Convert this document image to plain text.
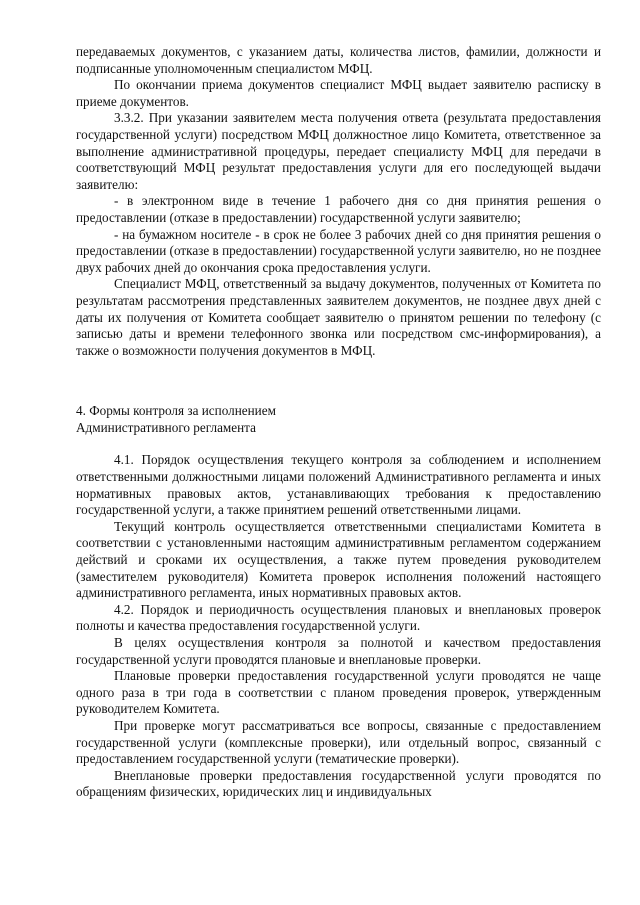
передаваемых документов, с указанием даты, количества листов, фамилии, должности и подписанные уполномоченным специалистом МФЦ.

По окончании приема документов специалист МФЦ выдает заявителю расписку в приеме документов.

3.3.2. При указании заявителем места получения ответа (результата предоставления государственной услуги) посредством МФЦ должностное лицо Комитета, ответственное за выполнение административной процедуры, передает специалисту МФЦ для передачи в соответствующий МФЦ результат предоставления услуги для его последующей выдачи заявителю:

- в электронном виде в течение 1 рабочего дня со дня принятия решения о предоставлении (отказе в предоставлении) государственной услуги заявителю;

- на бумажном носителе - в срок не более 3 рабочих дней со дня принятия решения о предоставлении (отказе в предоставлении) государственной услуги заявителю, но не позднее двух рабочих дней до окончания срока предоставления услуги.

Специалист МФЦ, ответственный за выдачу документов, полученных от Комитета по результатам рассмотрения представленных заявителем документов, не позднее двух дней с даты их получения от Комитета сообщает заявителю о принятом решении по телефону (с записью даты и времени телефонного звонка или посредством смс-информирования), а также о возможности получения документов в МФЦ.

4. Формы контроля за исполнением

Административного регламента

4.1. Порядок осуществления текущего контроля за соблюдением и исполнением ответственными должностными лицами положений Административного регламента и иных нормативных правовых актов, устанавливающих требования к предоставлению государственной услуги, а также принятием решений ответственными лицами.

Текущий контроль осуществляется ответственными специалистами Комитета в соответствии с установленными настоящим административным регламентом содержанием действий и сроками их осуществления, а также путем проведения руководителем (заместителем руководителя) Комитета проверок исполнения положений настоящего административного регламента, иных нормативных правовых актов.

4.2. Порядок и периодичность осуществления плановых и внеплановых проверок полноты и качества предоставления государственной услуги.

В целях осуществления контроля за полнотой и качеством предоставления государственной услуги проводятся плановые и внеплановые проверки.

Плановые проверки предоставления государственной услуги проводятся не чаще одного раза в три года в соответствии с планом проведения проверок, утвержденным руководителем Комитета.

При проверке могут рассматриваться все вопросы, связанные с предоставлением государственной услуги (комплексные проверки), или отдельный вопрос, связанный с предоставлением государственной услуги (тематические проверки).

Внеплановые проверки предоставления государственной услуги проводятся по обращениям физических, юридических лиц и индивидуальных
